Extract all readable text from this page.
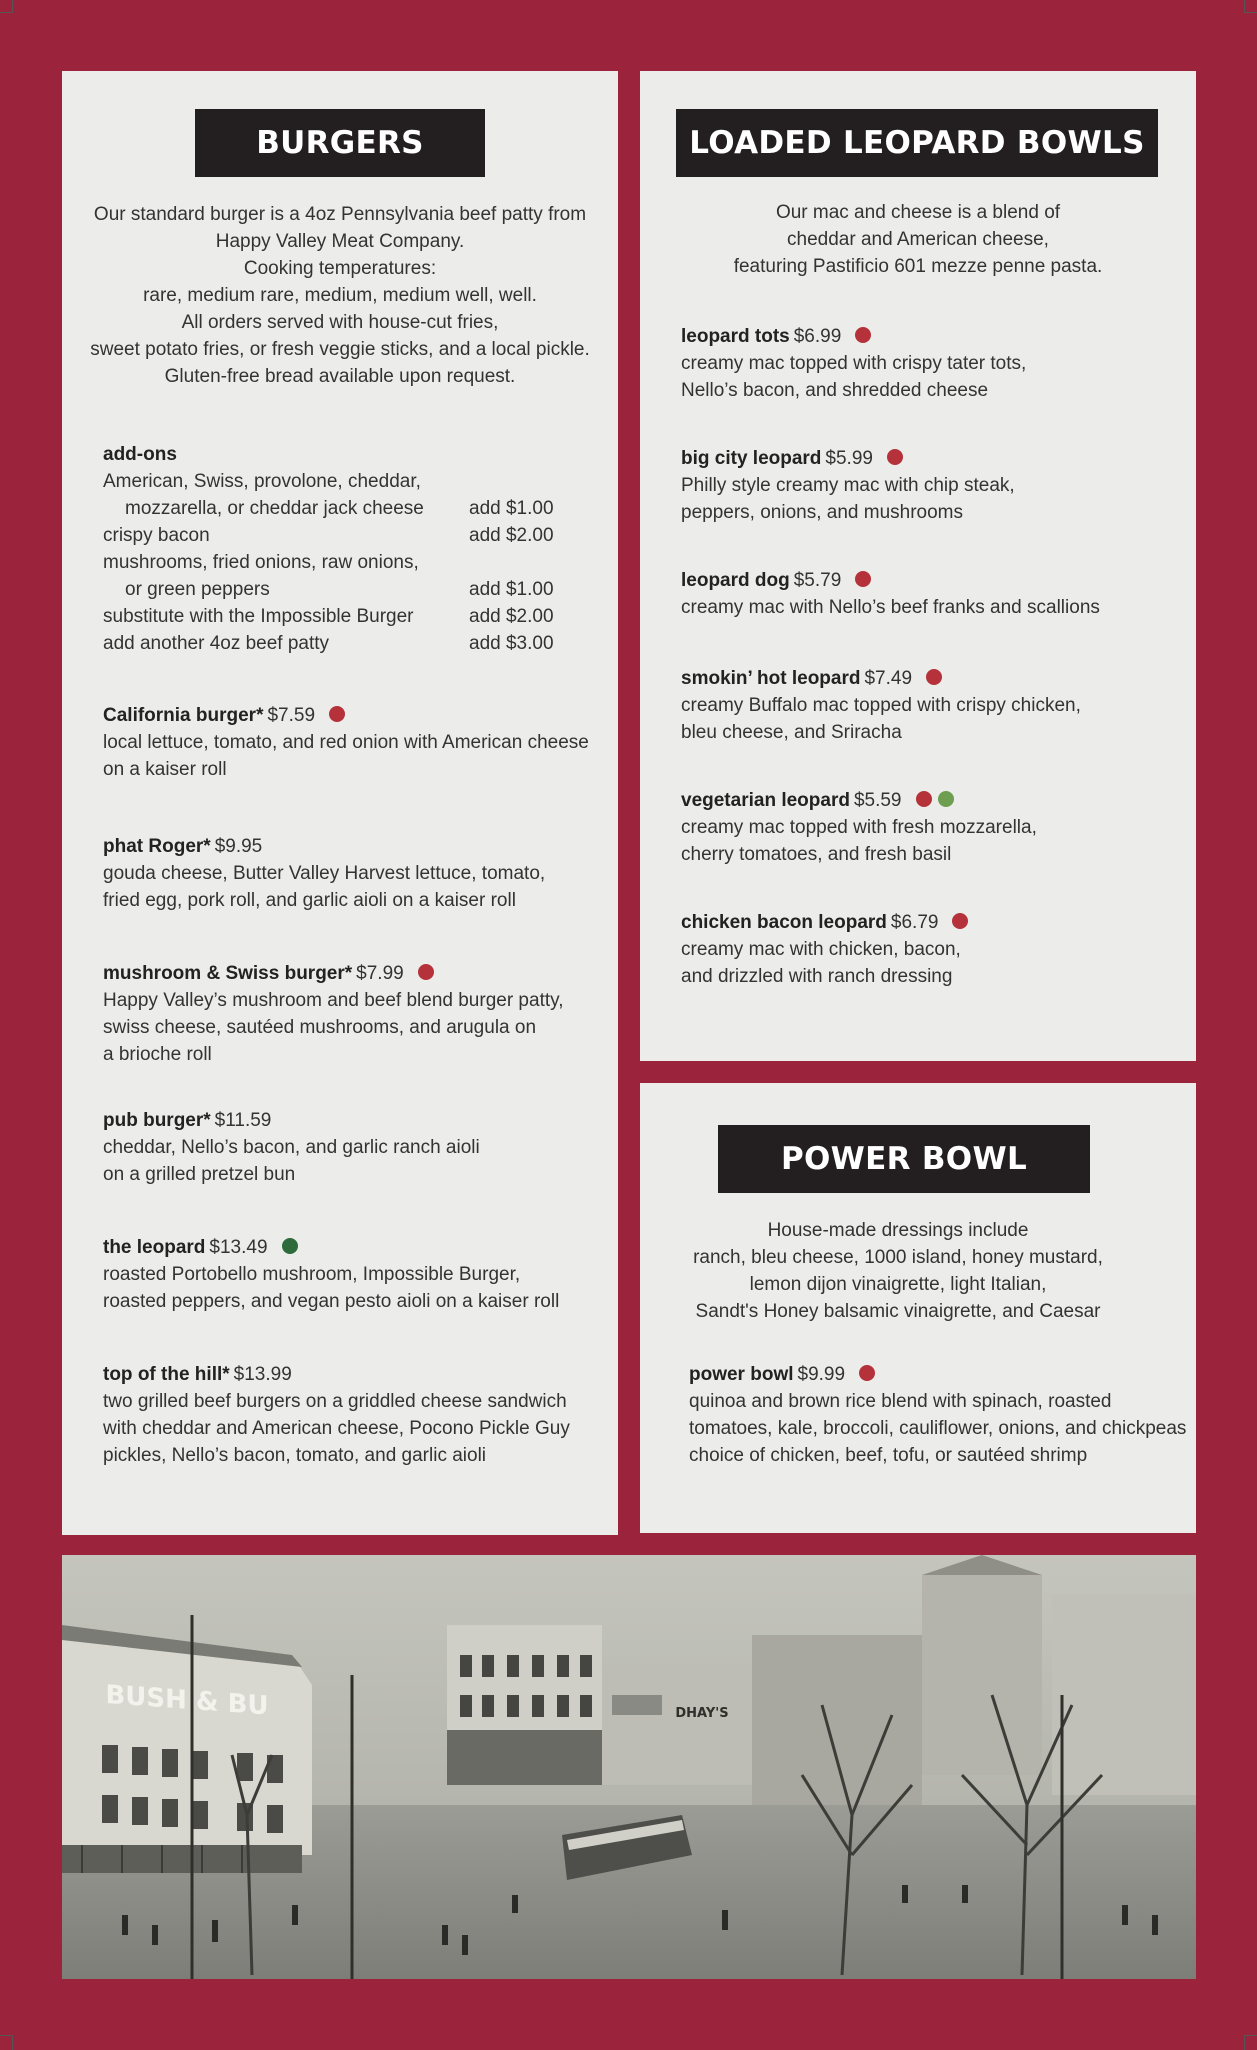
BURGERS
Our standard burger is a 4oz Pennsylvania beef patty from
Happy Valley Meat Company.
Cooking temperatures:
rare, medium rare, medium, medium well, well.
All orders served with house-cut fries,
sweet potato fries, or fresh veggie sticks, and a local pickle.
Gluten-free bread available upon request.
add-ons
American, Swiss, provolone, cheddar,
mozzarella, or cheddar jack cheese add $1.00
crispy bacon	add $2.00
mushrooms, fried onions, raw onions,
or green peppers	add $1.00
substitute with the Impossible Burger	add $2.00
add another 4oz beef patty	add $3.00
California burger* $7.59
local lettuce, tomato, and red onion with American cheese
on a kaiser roll
phat Roger* $9.95
gouda cheese, Butter Valley Harvest lettuce, tomato,
fried egg, pork roll, and garlic aioli on a kaiser roll
mushroom & Swiss burger* $7.99
Happy Valley’s mushroom and beef blend burger patty,
swiss cheese, sautéed mushrooms, and arugula on
a brioche roll
pub burger* $11.59
cheddar, Nello’s bacon, and garlic ranch aioli
on a grilled pretzel bun
the leopard $13.49
roasted Portobello mushroom, Impossible Burger,
roasted peppers, and vegan pesto aioli on a kaiser roll
top of the hill* $13.99
two grilled beef burgers on a griddled cheese sandwich
with cheddar and American cheese, Pocono Pickle Guy
pickles, Nello’s bacon, tomato, and garlic aioli
LOADED LEOPARD BOWLS
Our mac and cheese is a blend of
cheddar and American cheese,
featuring Pastificio 601 mezze penne pasta.
leopard tots $6.99
creamy mac topped with crispy tater tots,
Nello’s bacon, and shredded cheese
big city leopard $5.99
Philly style creamy mac with chip steak,
peppers, onions, and mushrooms
leopard dog $5.79
creamy mac with Nello’s beef franks and scallions
smokin’ hot leopard $7.49
creamy Buffalo mac topped with crispy chicken,
bleu cheese, and Sriracha
vegetarian leopard $5.59
creamy mac topped with fresh mozzarella,
cherry tomatoes, and fresh basil
chicken bacon leopard $6.79
creamy mac with chicken, bacon,
and drizzled with ranch dressing
POWER BOWL
House-made dressings include
ranch, bleu cheese, 1000 island, honey mustard,
lemon dijon vinaigrette, light Italian,
Sandt's Honey balsamic vinaigrette, and Caesar
power bowl $9.99
quinoa and brown rice blend with spinach, roasted
tomatoes, kale, broccoli, cauliflower, onions, and chickpeas
choice of chicken, beef, tofu, or sautéed shrimp
BUSH & BU	DHAY'S
